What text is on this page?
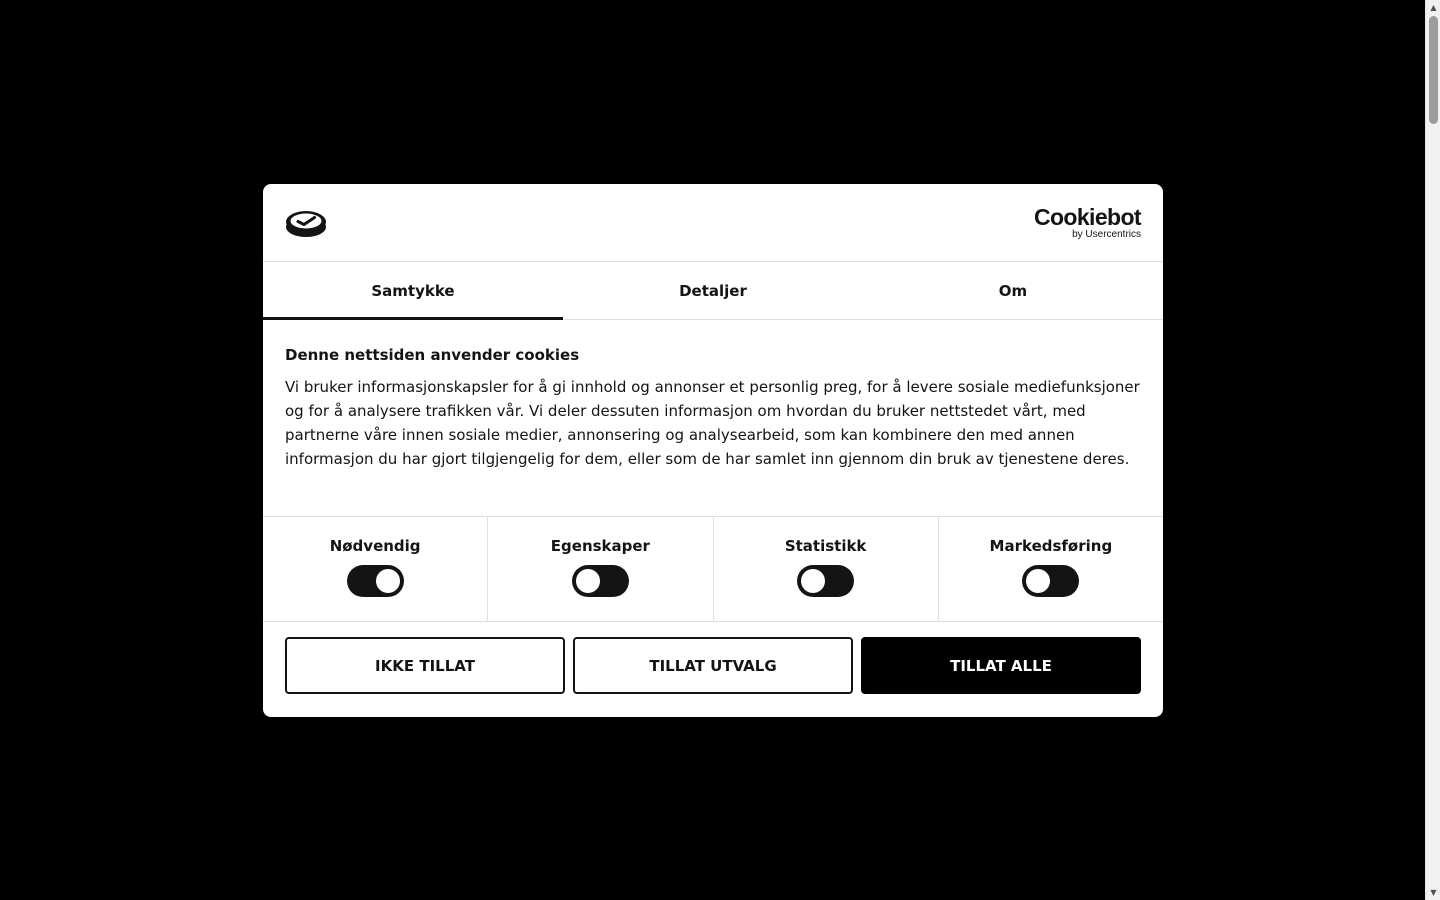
▲
▼
Cookiebot
by Usercentrics
Samtykke	Detaljer	Om
Denne nettsiden anvender cookies
Vi bruker informasjonskapsler for å gi innhold og annonser et personlig preg, for å levere sosiale mediefunksjoner og for å analysere trafikken vår. Vi deler dessuten informasjon om hvordan du bruker nettstedet vårt, med partnerne våre innen sosiale medier, annonsering og analysearbeid, som kan kombinere den med annen informasjon du har gjort tilgjengelig for dem, eller som de har samlet inn gjennom din bruk av tjenestene deres.
Nødvendig	Egenskaper	Statistikk	Markedsføring
IKKE TILLAT	TILLAT UTVALG	TILLAT ALLE
